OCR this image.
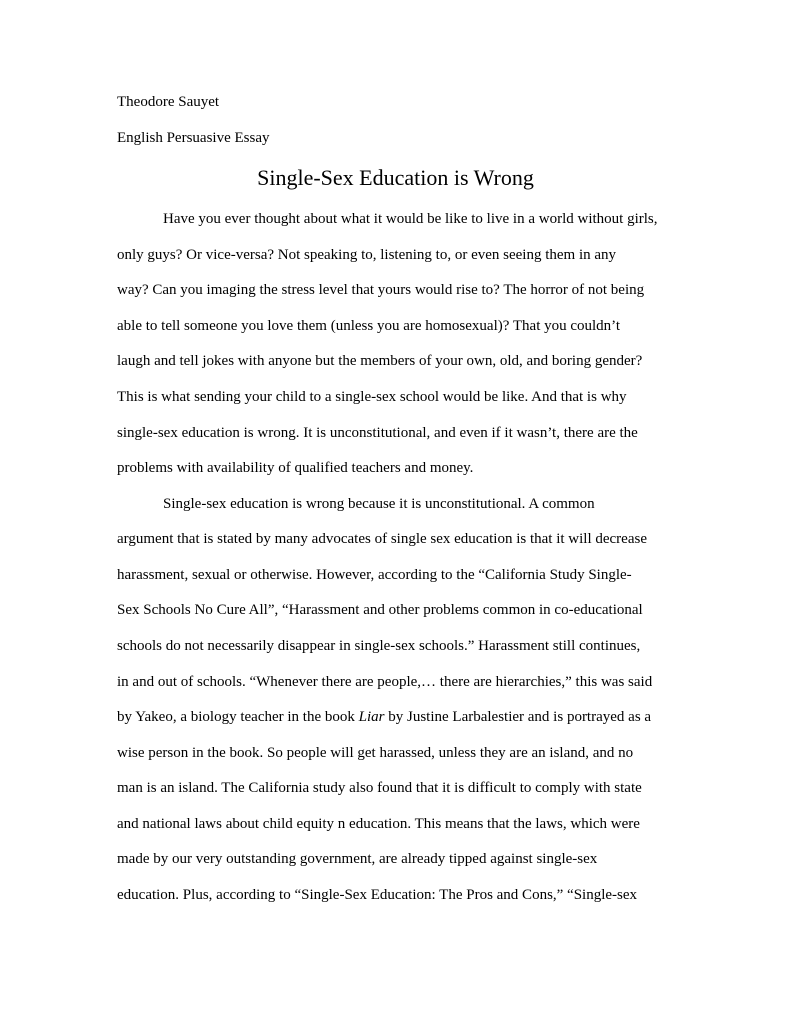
Theodore Sauyet
English Persuasive Essay
Single-Sex Education is Wrong
Have you ever thought about what it would be like to live in a world without girls,
only guys? Or vice-versa? Not speaking to, listening to, or even seeing them in any
way? Can you imaging the stress level that yours would rise to? The horror of not being
able to tell someone you love them (unless you are homosexual)? That you couldn’t
laugh and tell jokes with anyone but the members of your own, old, and boring gender?
This is what sending your child to a single-sex school would be like. And that is why
single-sex education is wrong. It is unconstitutional, and even if it wasn’t, there are the
problems with availability of qualified teachers and money.
Single-sex education is wrong because it is unconstitutional. A common
argument that is stated by many advocates of single sex education is that it will decrease
harassment, sexual or otherwise. However, according to the “California Study Single-
Sex Schools No Cure All”, “Harassment and other problems common in co-educational
schools do not necessarily disappear in single-sex schools.” Harassment still continues,
in and out of schools. “Whenever there are people,… there are hierarchies,” this was said
by Yakeo, a biology teacher in the book Liar by Justine Larbalestier and is portrayed as a
wise person in the book. So people will get harassed, unless they are an island, and no
man is an island. The California study also found that it is difficult to comply with state
and national laws about child equity n education. This means that the laws, which were
made by our very outstanding government, are already tipped against single-sex
education. Plus, according to “Single-Sex Education: The Pros and Cons,” “Single-sex
